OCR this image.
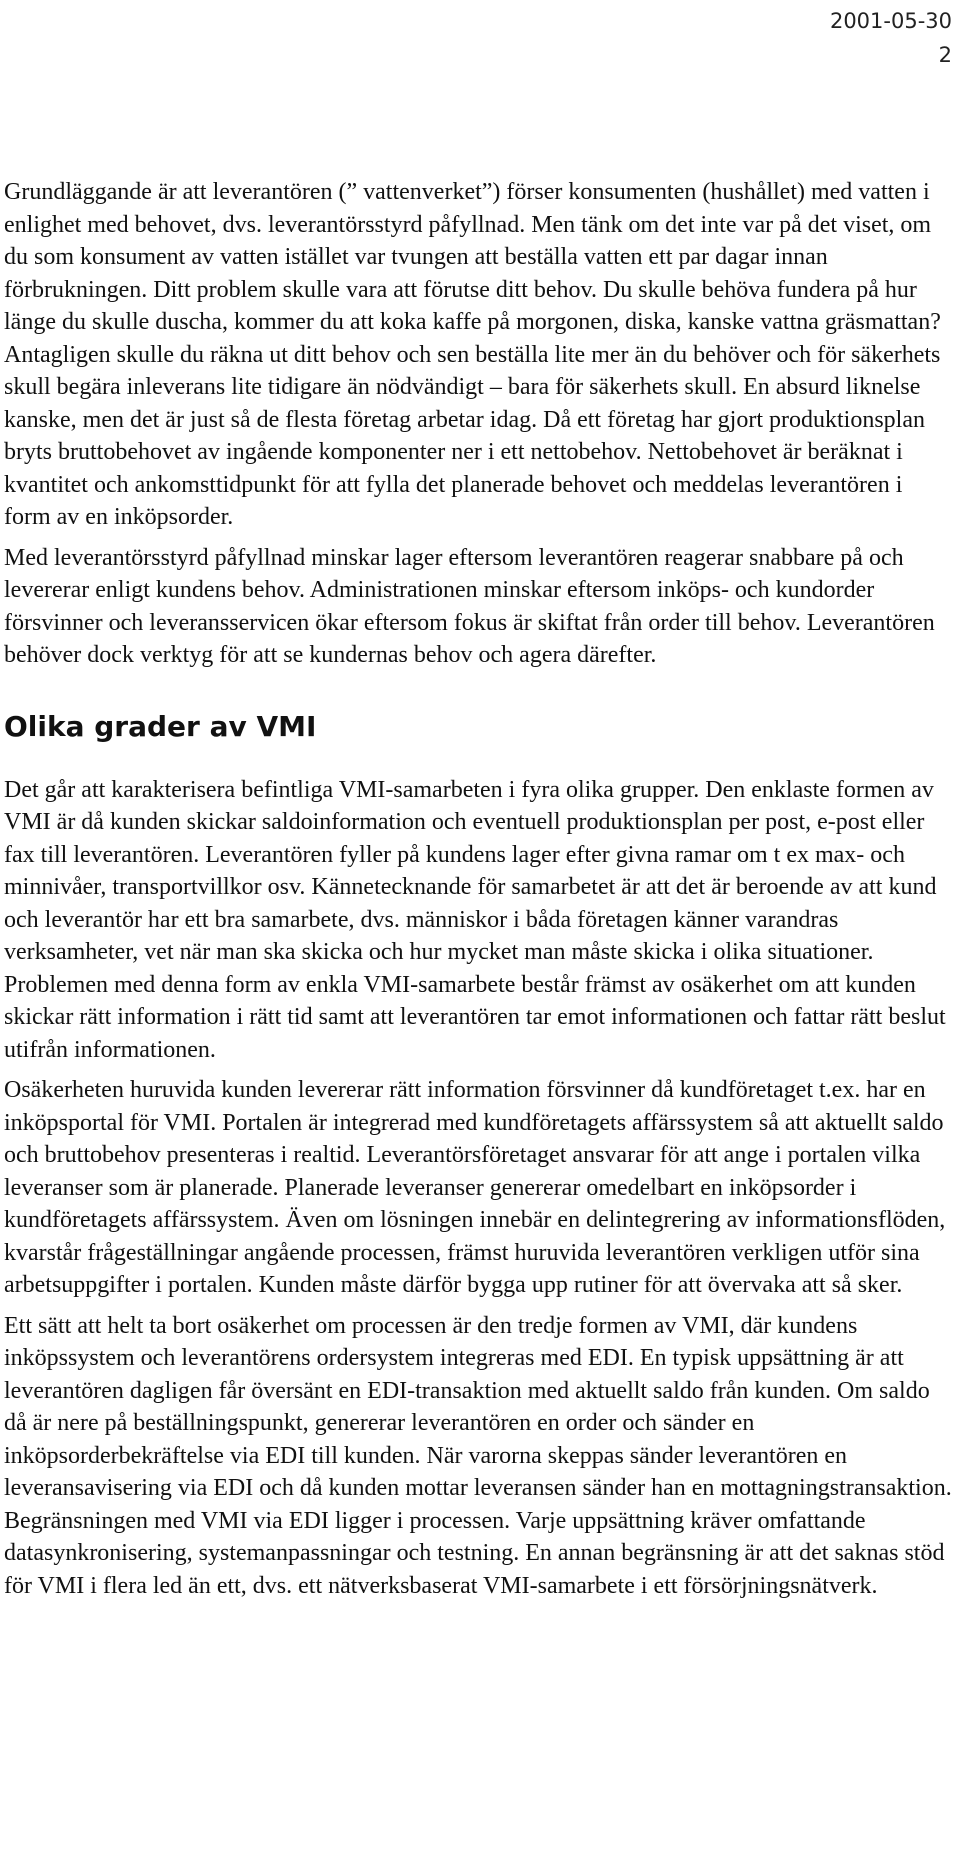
2001-05-30
2

Grundläggande är att leverantören (” vattenverket”) förser konsumenten (hushållet) med vatten i enlighet med behovet, dvs. leverantörsstyrd påfyllnad. Men tänk om det inte var på det viset, om du som konsument av vatten istället var tvungen att beställa vatten ett par dagar innan förbrukningen. Ditt problem skulle vara att förutse ditt behov. Du skulle behöva fundera på hur länge du skulle duscha, kommer du att koka kaffe på morgonen, diska, kanske vattna gräsmattan? Antagligen skulle du räkna ut ditt behov och sen beställa lite mer än du behöver och för säkerhets skull begära inleverans lite tidigare än nödvändigt – bara för säkerhets skull. En absurd liknelse kanske, men det är just så de flesta företag arbetar idag. Då ett företag har gjort produktionsplan bryts bruttobehovet av ingående komponenter ner i ett nettobehov. Nettobehovet är beräknat i kvantitet och ankomsttidpunkt för att fylla det planerade behovet och meddelas leverantören i form av en inköpsorder.

Med leverantörsstyrd påfyllnad minskar lager eftersom leverantören reagerar snabbare på och levererar enligt kundens behov. Administrationen minskar eftersom inköps- och kundorder försvinner och leveransservicen ökar eftersom fokus är skiftat från order till behov. Leverantören behöver dock verktyg för att se kundernas behov och agera därefter.

Olika grader av VMI

Det går att karakterisera befintliga VMI-samarbeten i fyra olika grupper. Den enklaste formen av VMI är då kunden skickar saldoinformation och eventuell produktionsplan per post, e-post eller fax till leverantören. Leverantören fyller på kundens lager efter givna ramar om t ex max- och minnivåer, transportvillkor osv. Kännetecknande för samarbetet är att det är beroende av att kund och leverantör har ett bra samarbete, dvs. människor i båda företagen känner varandras verksamheter, vet när man ska skicka och hur mycket man måste skicka i olika situationer. Problemen med denna form av enkla VMI-samarbete består främst av osäkerhet om att kunden skickar rätt information i rätt tid samt att leverantören tar emot informationen och fattar rätt beslut utifrån informationen.

Osäkerheten huruvida kunden levererar rätt information försvinner då kundföretaget t.ex. har en inköpsportal för VMI. Portalen är integrerad med kundföretagets affärssystem så att aktuellt saldo och bruttobehov presenteras i realtid. Leverantörsföretaget ansvarar för att ange i portalen vilka leveranser som är planerade. Planerade leveranser genererar omedelbart en inköpsorder i kundföretagets affärssystem. Även om lösningen innebär en delintegrering av informationsflöden, kvarstår frågeställningar angående processen, främst huruvida leverantören verkligen utför sina arbetsuppgifter i portalen. Kunden måste därför bygga upp rutiner för att övervaka att så sker.

Ett sätt att helt ta bort osäkerhet om processen är den tredje formen av VMI, där kundens inköpssystem och leverantörens ordersystem integreras med EDI. En typisk uppsättning är att leverantören dagligen får översänt en EDI-transaktion med aktuellt saldo från kunden. Om saldo då är nere på beställningspunkt, genererar leverantören en order och sänder en inköpsorderbekräftelse via EDI till kunden. När varorna skeppas sänder leverantören en leveransavisering via EDI och då kunden mottar leveransen sänder han en mottagningstransaktion. Begränsningen med VMI via EDI ligger i processen. Varje uppsättning kräver omfattande datasynkronisering, systemanpassningar och testning. En annan begränsning är att det saknas stöd för VMI i flera led än ett, dvs. ett nätverksbaserat VMI-samarbete i ett försörjningsnätverk.
